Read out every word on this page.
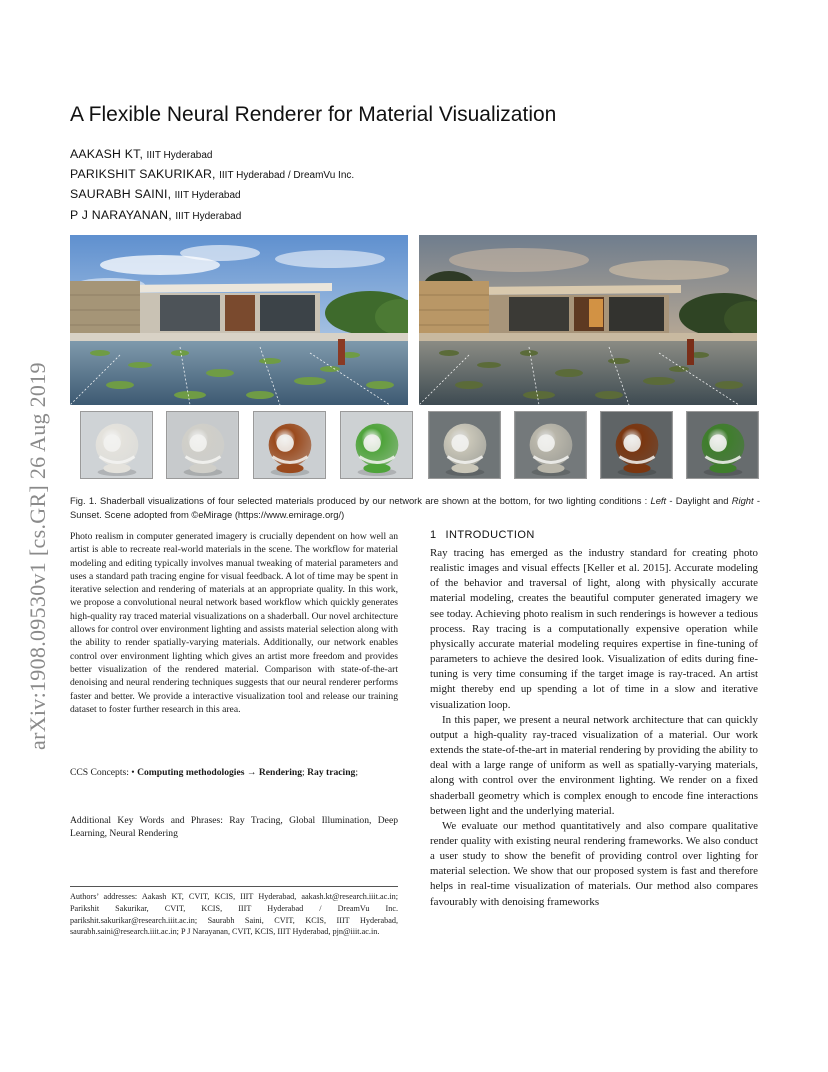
arXiv:1908.09530v1 [cs.GR] 26 Aug 2019
A Flexible Neural Renderer for Material Visualization
AAKASH KT, IIIT Hyderabad
PARIKSHIT SAKURIKAR, IIIT Hyderabad / DreamVu Inc.
SAURABH SAINI, IIIT Hyderabad
P J NARAYANAN, IIIT Hyderabad
Fig. 1. Shaderball visualizations of four selected materials produced by our network are shown at the bottom, for two lighting conditions : Left - Daylight and Right - Sunset. Scene adopted from ©eMirage (https://www.emirage.org/)
Photo realism in computer generated imagery is crucially dependent on how well an artist is able to recreate real-world materials in the scene. The workflow for material modeling and editing typically involves manual tweaking of material parameters and uses a standard path tracing engine for visual feedback. A lot of time may be spent in iterative selection and rendering of materials at an appropriate quality. In this work, we propose a convolutional neural network based workflow which quickly generates high-quality ray traced material visualizations on a shaderball. Our novel architecture allows for control over environment lighting and assists material selection along with the ability to render spatially-varying materials. Additionally, our network enables control over environment lighting which gives an artist more freedom and provides better visualization of the rendered material. Comparison with state-of-the-art denoising and neural rendering techniques suggests that our neural renderer performs faster and better. We provide a interactive visualization tool and release our training dataset to foster further research in this area.
CCS Concepts: • Computing methodologies → Rendering; Ray tracing;
Additional Key Words and Phrases: Ray Tracing, Global Illumination, Deep Learning, Neural Rendering
Authors’ addresses: Aakash KT, CVIT, KCIS, IIIT Hyderabad, aakash.kt@research.iiit.ac.in; Parikshit Sakurikar, CVIT, KCIS, IIIT Hyderabad / DreamVu Inc. parikshit.sakurikar@research.iiit.ac.in; Saurabh Saini, CVIT, KCIS, IIIT Hyderabad, saurabh.saini@research.iiit.ac.in; P J Narayanan, CVIT, KCIS, IIIT Hyderabad, pjn@iiit.ac.in.
1 INTRODUCTION

Ray tracing has emerged as the industry standard for creating photo realistic images and visual effects [Keller et al. 2015]. Accurate modeling of the behavior and traversal of light, along with physically accurate material modeling, creates the beautiful computer generated imagery we see today. Achieving photo realism in such renderings is however a tedious process. Ray tracing is a computationally expensive operation while physically accurate material modeling requires expertise in fine-tuning of parameters to achieve the desired look. Visualization of edits during fine-tuning is very time consuming if the target image is ray-traced. An artist might thereby end up spending a lot of time in a slow and iterative visualization loop.

In this paper, we present a neural network architecture that can quickly output a high-quality ray-traced visualization of a material. Our work extends the state-of-the-art in material rendering by providing the ability to deal with a large range of uniform as well as spatially-varying materials, along with control over the environment lighting. We render on a fixed shaderball geometry which is complex enough to encode fine interactions between light and the underlying material.

We evaluate our method quantitatively and also compare qualitative render quality with existing neural rendering frameworks. We also conduct a user study to show the benefit of providing control over lighting for material selection. We show that our proposed system is fast and therefore helps in real-time visualization of materials. Our method also compares favourably with denoising frameworks
